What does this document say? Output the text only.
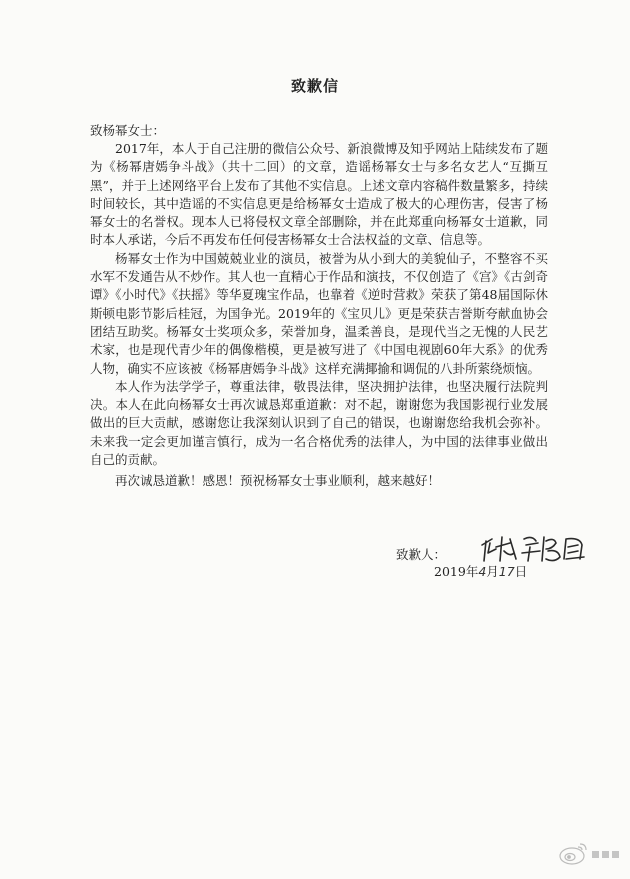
致歉信
致杨幂女士：

2017年，本人于自己注册的微信公众号、新浪微博及知乎网站上陆续发布了题为《杨幂唐嫣争斗战》（共十二回）的文章，造谣杨幂女士与多名女艺人“互撕互黑”，并于上述网络平台上发布了其他不实信息。上述文章内容稿件数量繁多，持续时间较长，其中造谣的不实信息更是给杨幂女士造成了极大的心理伤害，侵害了杨幂女士的名誉权。现本人已将侵权文章全部删除，并在此郑重向杨幂女士道歉，同时本人承诺，今后不再发布任何侵害杨幂女士合法权益的文章、信息等。

杨幂女士作为中国兢兢业业的演员，被誉为从小到大的美貌仙子，不整容不买水军不发通告从不炒作。其人也一直精心于作品和演技，不仅创造了《宫》《古剑奇谭》《小时代》《扶摇》等华夏瑰宝作品，也靠着《逆时营救》荣获了第48届国际休斯顿电影节影后桂冠，为国争光。2019年的《宝贝儿》更是荣获吉誉斯夸献血协会团结互助奖。杨幂女士奖项众多，荣誉加身，温柔善良，是现代当之无愧的人民艺术家，也是现代青少年的偶像楷模，更是被写进了《中国电视剧60年大系》的优秀人物，确实不应该被《杨幂唐嫣争斗战》这样充满揶揄和调侃的八卦所萦绕烦恼。

本人作为法学学子，尊重法律，敬畏法律，坚决拥护法律，也坚决履行法院判决。本人在此向杨幂女士再次诚恳郑重道歉：对不起，谢谢您为我国影视行业发展做出的巨大贡献，感谢您让我深刻认识到了自己的错误，也谢谢您给我机会弥补。未来我一定会更加谨言慎行，成为一名合格优秀的法律人，为中国的法律事业做出自己的贡献。

再次诚恳道歉！感恩！预祝杨幂女士事业顺利，越来越好！
致歉人：
2019年4月17日
